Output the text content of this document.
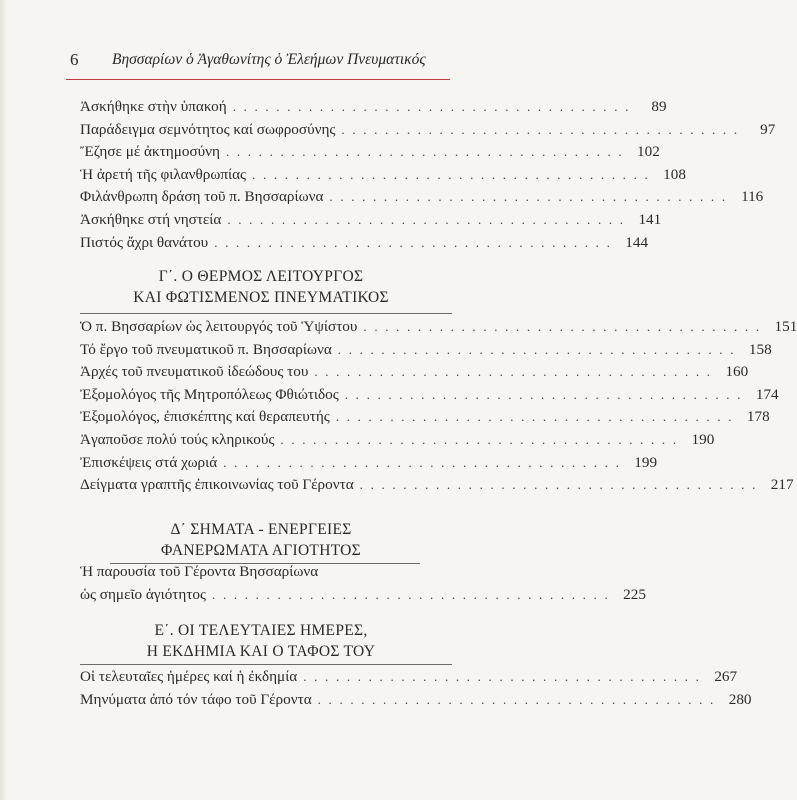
6 Βησσαρίων ὁ Ἀγαθωνίτης ὁ Ἐλεήμων Πνευματικός
Ἀσκήθηκε στὴν ὑπακοή . . . . . . . . . . . . . . . . . . . . . . . . . . . . . . . . . . . . .	89
Παράδειγμα σεμνότητος καί σωφροσύνης . . . . . . . . . . . . . . . . . . . . . . . . . . . . . . . . . . . . .	97
Ἔζησε μέ ἀκτημοσύνη . . . . . . . . . . . . . . . . . . . . . . . . . . . . . . . . . . . . . 102
Ἡ ἀρετή τῆς φιλανθρωπίας . . . . . . . . . . . . . . . . . . . . . . . . . . . . . . . . . . . . . 108
Φιλάνθρωπη δράση τοῦ π. Βησσαρίωνα . . . . . . . . . . . . . . . . . . . . . . . . . . . . . . . . . . . . . 116
Ἀσκήθηκε στή νηστεία . . . . . . . . . . . . . . . . . . . . . . . . . . . . . . . . . . . . . 141
Πιστός ἄχρι θανάτου . . . . . . . . . . . . . . . . . . . . . . . . . . . . . . . . . . . . . 144
Γ΄. Ο ΘΕΡΜΟΣ ΛΕΙΤΟΥΡΓΟΣ
ΚΑΙ ΦΩΤΙΣΜΕΝΟΣ ΠΝΕΥΜΑΤΙΚΟΣ
Ὁ π. Βησσαρίων ὡς λειτουργός τοῦ Ὑψίστου . . . . . . . . . . . . . . . . . . . . . . . . . . . . . . . . . . . . . 151
Τό ἔργο τοῦ πνευματικοῦ π. Βησσαρίωνα . . . . . . . . . . . . . . . . . . . . . . . . . . . . . . . . . . . . . 158
Ἀρχές τοῦ πνευματικοῦ ἰδεώδους του . . . . . . . . . . . . . . . . . . . . . . . . . . . . . . . . . . . . . 160
Ἐξομολόγος τῆς Μητροπόλεως Φθιώτιδος . . . . . . . . . . . . . . . . . . . . . . . . . . . . . . . . . . . . . 174
Ἐξομολόγος, ἐπισκέπτης καί θεραπευτής . . . . . . . . . . . . . . . . . . . . . . . . . . . . . . . . . . . . . 178
Ἀγαποῦσε πολύ τούς κληρικούς . . . . . . . . . . . . . . . . . . . . . . . . . . . . . . . . . . . . . 190
Ἐπισκέψεις στά χωριά . . . . . . . . . . . . . . . . . . . . . . . . . . . . . . . . . . . . . 199
Δείγματα γραπτῆς ἐπικοινωνίας τοῦ Γέροντα . . . . . . . . . . . . . . . . . . . . . . . . . . . . . . . . . . . . . 217
Δ΄ ΣΗΜΑΤΑ - ΕΝΕΡΓΕΙΕΣ
ΦΑΝΕΡΩΜΑΤΑ ΑΓΙΟΤΗΤΟΣ
Ἡ παρουσία τοῦ Γέροντα Βησσαρίωνα
ὡς σημεῖο ἁγιότητος . . . . . . . . . . . . . . . . . . . . . . . . . . . . . . . . . . . . . 225
Ε΄. ΟΙ ΤΕΛΕΥΤΑΙΕΣ ΗΜΕΡΕΣ,
Η ΕΚΔΗΜΙΑ ΚΑΙ Ο ΤΑΦΟΣ ΤΟΥ
Οἱ τελευταῖες ἡμέρες καί ἡ ἐκδημία . . . . . . . . . . . . . . . . . . . . . . . . . . . . . . . . . . . . . 267
Μηνύματα ἀπό τόν τάφο τοῦ Γέροντα . . . . . . . . . . . . . . . . . . . . . . . . . . . . . . . . . . . . . 280
